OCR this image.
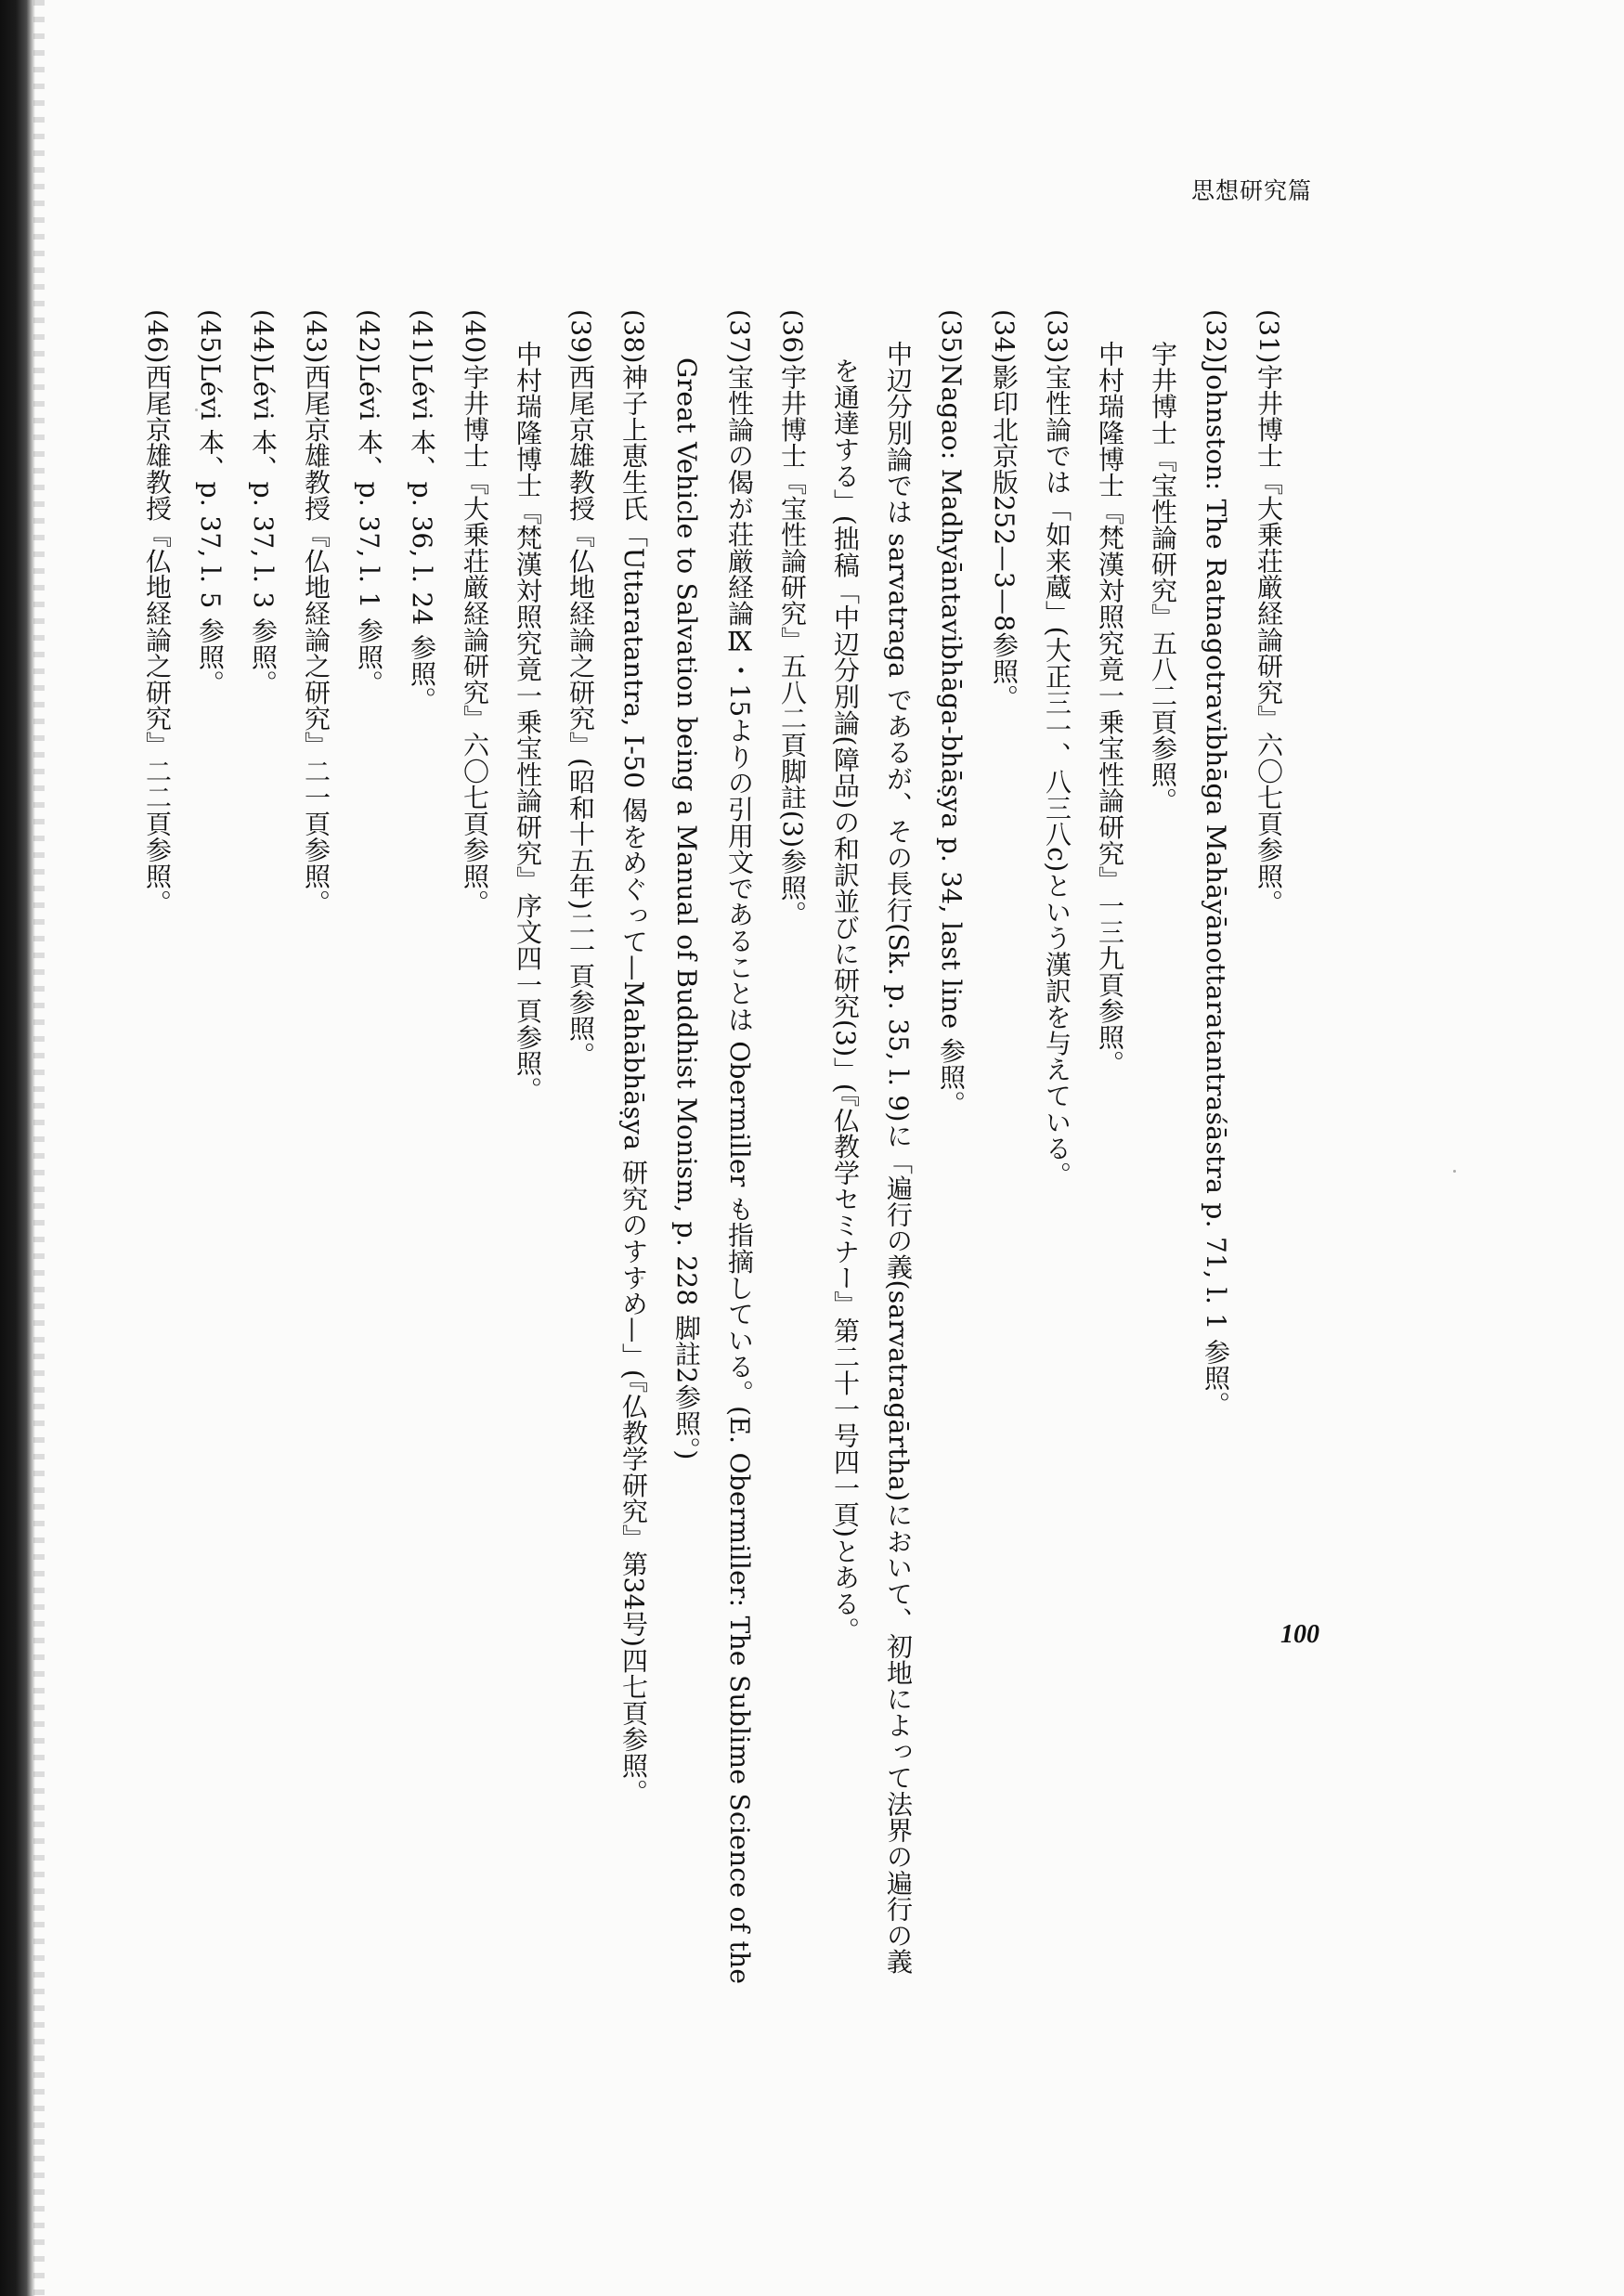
思想研究篇

(31)宇井博士『大乗荘厳経論研究』六〇七頁参照。

(32)Johnston: The Ratnagotravibhāga Mahāyānottaratantraśāstra p. 71, l. 1 参照。

宇井博士『宝性論研究』五八二頁参照。

中村瑞隆博士『梵漢対照究竟一乗宝性論研究』一三九頁参照。

(33)宝性論では「如来蔵」(大正三一、八三八c)という漢訳を与えている。

(34)影印北京版252—3—8参照。

(35)Nagao: Madhyāntavibhāga-bhāṣya p. 34, last line 参照。

中辺分別論では sarvatraga であるが、その長行(Sk. p. 35, l. 9)に「遍行の義(sarvatragārtha)において、初地によって法界の遍行の義

を通達する」(拙稿「中辺分別論(障品)の和訳並びに研究(3)」(『仏教学セミナー』第二十一号四一頁)とある。

(36)宇井博士『宝性論研究』五八二頁脚註(3)参照。

(37)宝性論の偈が荘厳経論Ⅸ・15よりの引用文であることは Obermiller も指摘している。(E. Obermiller: The Sublime Science of the

Great Vehicle to Salvation being a Manual of Buddhist Monism, p. 228 脚註2参照。)

(38)神子上恵生氏「Uttaratantra, I-50 偈をめぐって—Mahābhāṣya 研究のすすめ—」(『仏教学研究』第34号)四七頁参照。

(39)西尾京雄教授『仏地経論之研究』(昭和十五年)二一頁参照。

中村瑞隆博士『梵漢対照究竟一乗宝性論研究』序文四一頁参照。

(40)宇井博士『大乗荘厳経論研究』六〇七頁参照。

(41)Lévi 本、p. 36, l. 24 参照。

(42)Lévi 本、p. 37, l. 1 参照。

(43)西尾京雄教授『仏地経論之研究』二一頁参照。

(44)Lévi 本、p. 37, l. 3 参照。

(45)Lévi 本、p. 37, l. 5 参照。

(46)西尾京雄教授『仏地経論之研究』二二頁参照。

100
